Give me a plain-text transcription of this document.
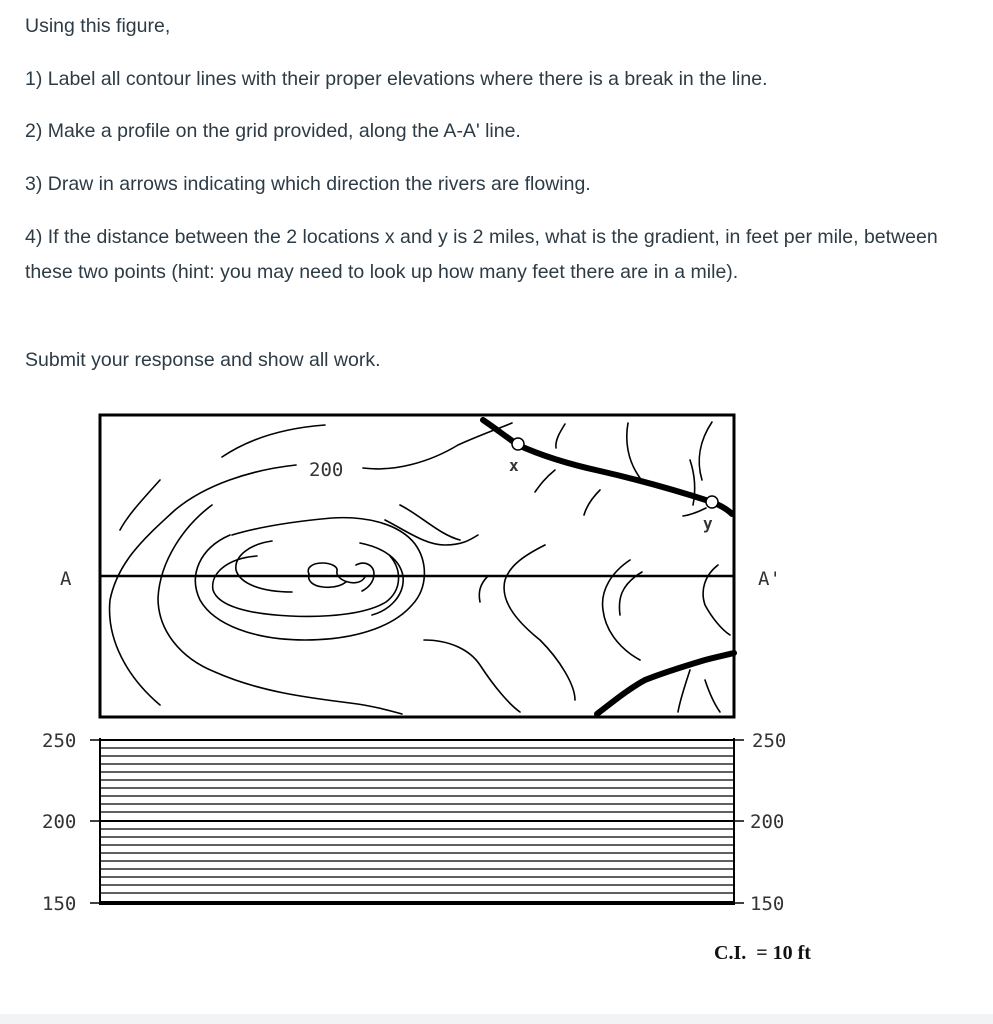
Using this figure,

1) Label all contour lines with their proper elevations where there is a break in the line.

2) Make a profile on the grid provided, along the A-A' line.

3) Draw in arrows indicating which direction the rivers are flowing.

4) If the distance between the 2 locations x and y is 2 miles, what is the gradient, in feet per mile, between these two points (hint: you may need to look up how many feet there are in a mile).

Submit your response and show all work.

x
y
200
A	A'
250
200
150
250
200
150
C.I.  = 10 ft
